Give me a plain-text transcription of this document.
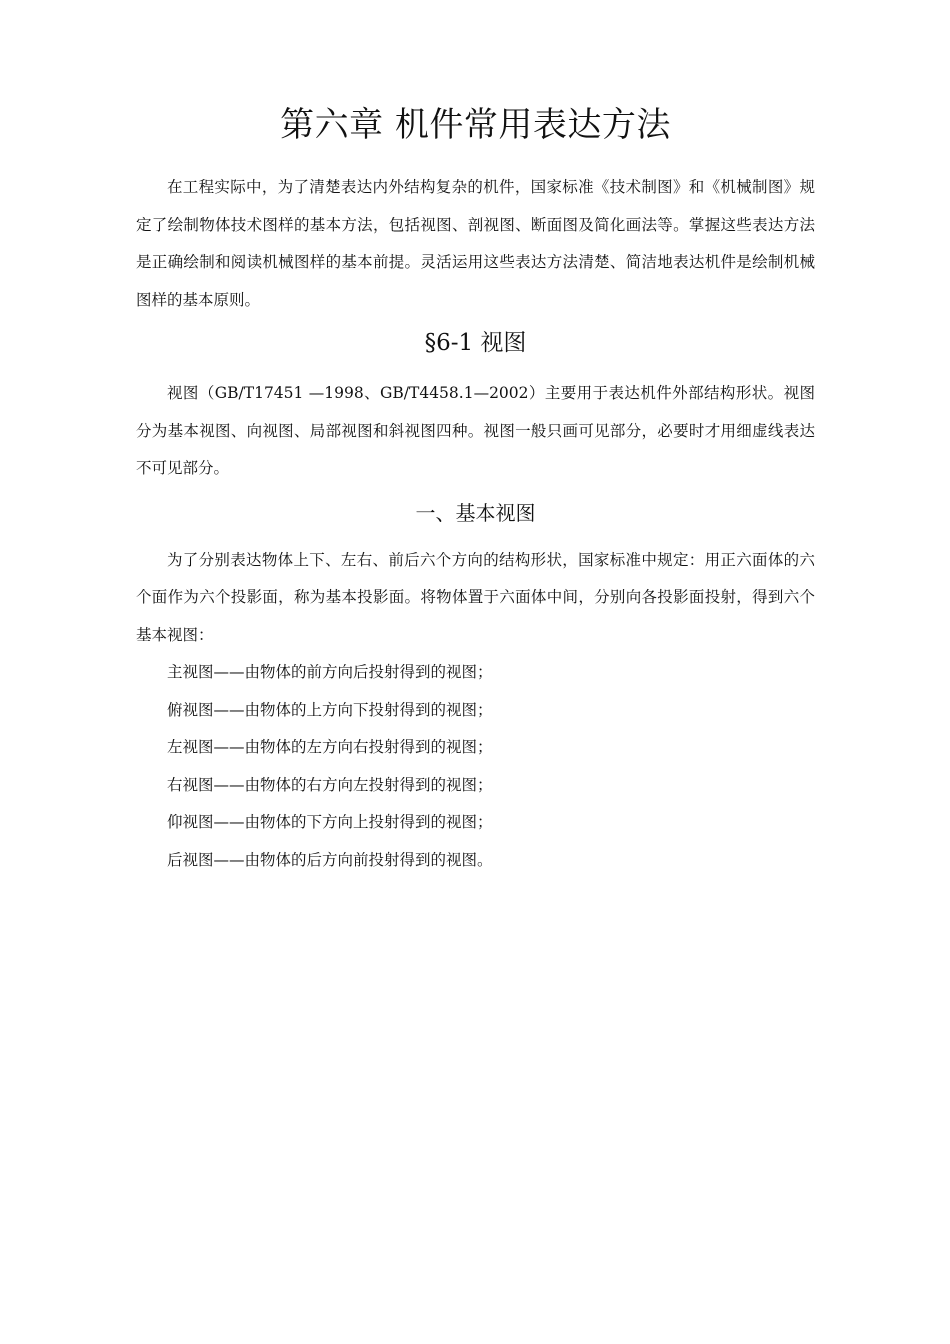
第六章 机件常用表达方法

在工程实际中，为了清楚表达内外结构复杂的机件，国家标准《技术制图》和《机械制图》规定了绘制物体技术图样的基本方法，包括视图、剖视图、断面图及简化画法等。掌握这些表达方法是正确绘制和阅读机械图样的基本前提。灵活运用这些表达方法清楚、简洁地表达机件是绘制机械图样的基本原则。

§6-1 视图

视图（GB/T17451 —1998、GB/T4458.1—2002）主要用于表达机件外部结构形状。视图分为基本视图、向视图、局部视图和斜视图四种。视图一般只画可见部分，必要时才用细虚线表达不可见部分。

一、基本视图

为了分别表达物体上下、左右、前后六个方向的结构形状，国家标准中规定：用正六面体的六个面作为六个投影面，称为基本投影面。将物体置于六面体中间，分别向各投影面投射，得到六个基本视图：

主视图——由物体的前方向后投射得到的视图；
俯视图——由物体的上方向下投射得到的视图；
左视图——由物体的左方向右投射得到的视图；
右视图——由物体的右方向左投射得到的视图；
仰视图——由物体的下方向上投射得到的视图；
后视图——由物体的后方向前投射得到的视图。
